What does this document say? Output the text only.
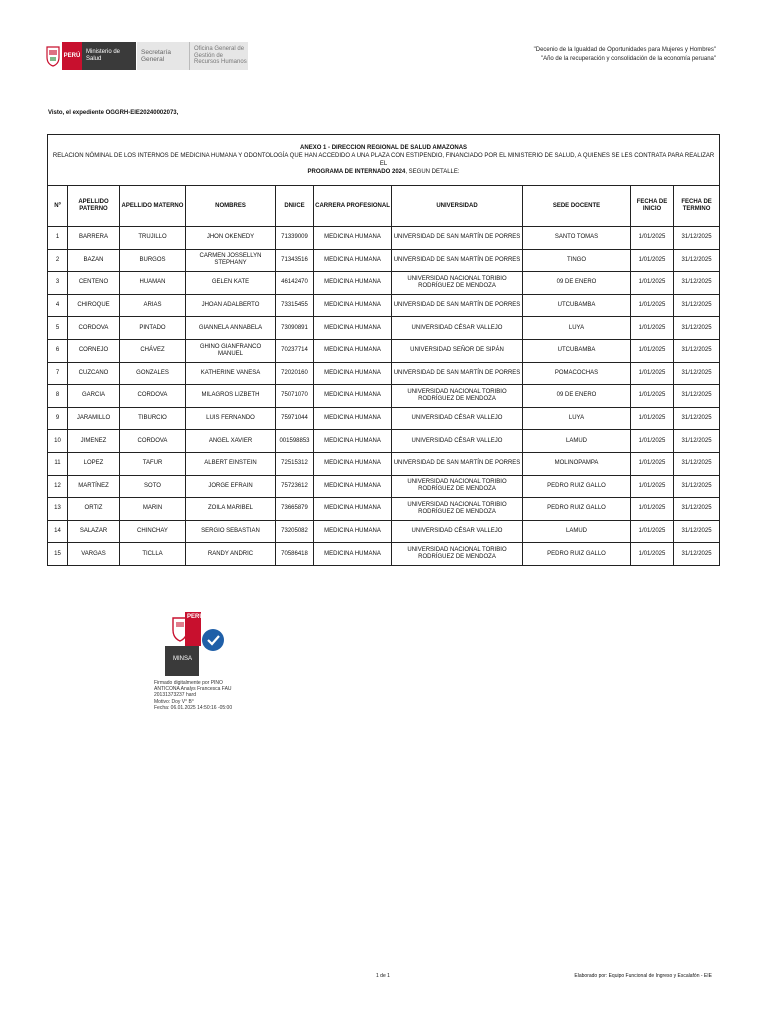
PERÚ
Ministerio de Salud
Secretaría General
Oficina General de Gestión de Recursos Humanos
"Decenio de la Igualdad de Oportunidades para Mujeres y Hombres"
"Año de la recuperación y consolidación de la economía peruana"
Visto, el expediente OGGRH-EIE20240002073,
ANEXO 1 - DIRECCION REGIONAL DE SALUD AMAZONAS
RELACION NÓMINAL DE LOS INTERNOS DE MEDICINA HUMANA Y ODONTOLOGÍA QUE HAN ACCEDIDO A UNA PLAZA CON ESTIPENDIO, FINANCIADO POR EL MINISTERIO DE SALUD, A QUIENES SE LES CONTRATA PARA REALIZAR EL
PROGRAMA DE INTERNADO 2024, SEGUN DETALLE:									

Nº	APELLIDO PATERNO	APELLIDO MATERNO	NOMBRES	DNI/CE	CARRERA PROFESIONAL	UNIVERSIDAD	SEDE DOCENTE	FECHA DE INICIO	FECHA DE TERMINO
1	BARRERA	TRUJILLO	JHON OKENEDY	71339009	MEDICINA HUMANA	UNIVERSIDAD DE SAN MARTÍN DE PORRES	SANTO TOMAS	1/01/2025	31/12/2025
2	BAZAN	BURGOS	CARMEN JOSSELLYN STEPHANY	71343516	MEDICINA HUMANA	UNIVERSIDAD DE SAN MARTÍN DE PORRES	TINGO	1/01/2025	31/12/2025
3	CENTENO	HUAMAN	GELEN KATE	46142470	MEDICINA HUMANA	UNIVERSIDAD NACIONAL TORIBIO RODRÍGUEZ DE MENDOZA	09 DE ENERO	1/01/2025	31/12/2025
4	CHIROQUE	ARIAS	JHOAN ADALBERTO	73315455	MEDICINA HUMANA	UNIVERSIDAD DE SAN MARTÍN DE PORRES	UTCUBAMBA	1/01/2025	31/12/2025
5	CORDOVA	PINTADO	GIANNELA ANNABELA	73090891	MEDICINA HUMANA	UNIVERSIDAD CÉSAR VALLEJO	LUYA	1/01/2025	31/12/2025
6	CORNEJO	CHÁVEZ	GHINO GIANFRANCO MANUEL	70237714	MEDICINA HUMANA	UNIVERSIDAD SEÑOR DE SIPÁN	UTCUBAMBA	1/01/2025	31/12/2025
7	CUZCANO	GONZALES	KATHERINE VANESA	72020160	MEDICINA HUMANA	UNIVERSIDAD DE SAN MARTÍN DE PORRES	POMACOCHAS	1/01/2025	31/12/2025
8	GARCIA	CORDOVA	MILAGROS LIZBETH	75071070	MEDICINA HUMANA	UNIVERSIDAD NACIONAL TORIBIO RODRÍGUEZ DE MENDOZA	09 DE ENERO	1/01/2025	31/12/2025
9	JARAMILLO	TIBURCIO	LUIS FERNANDO	75971044	MEDICINA HUMANA	UNIVERSIDAD CÉSAR VALLEJO	LUYA	1/01/2025	31/12/2025
10	JIMENEZ	CORDOVA	ANGEL XAVIER	001598853	MEDICINA HUMANA	UNIVERSIDAD CÉSAR VALLEJO	LAMUD	1/01/2025	31/12/2025
11	LOPEZ	TAFUR	ALBERT EINSTEIN	72515312	MEDICINA HUMANA	UNIVERSIDAD DE SAN MARTÍN DE PORRES	MOLINOPAMPA	1/01/2025	31/12/2025
12	MARTÍNEZ	SOTO	JORGE EFRAIN	75723612	MEDICINA HUMANA	UNIVERSIDAD NACIONAL TORIBIO RODRÍGUEZ DE MENDOZA	PEDRO RUIZ GALLO	1/01/2025	31/12/2025
13	ORTIZ	MARIN	ZOILA MARIBEL	73665879	MEDICINA HUMANA	UNIVERSIDAD NACIONAL TORIBIO RODRÍGUEZ DE MENDOZA	PEDRO RUIZ GALLO	1/01/2025	31/12/2025
14	SALAZAR	CHINCHAY	SERGIO SEBASTIAN	73205082	MEDICINA HUMANA	UNIVERSIDAD CÉSAR VALLEJO	LAMUD	1/01/2025	31/12/2025
15	VARGAS	TICLLA	RANDY ANDRIC	70586418	MEDICINA HUMANA	UNIVERSIDAD NACIONAL TORIBIO RODRÍGUEZ DE MENDOZA	PEDRO RUIZ GALLO	1/01/2025	31/12/2025
PERÚ
MINSA
Firmado digitalmente por PINO
ANTICONA Analys Francesca FAU
20131373237 hard
Motivo: Doy V° B°
Fecha: 06.01.2025 14:50:16 -05:00
1 de 1	Elaborado por: Equipo Funcional de Ingreso y Escalafón - EIE
